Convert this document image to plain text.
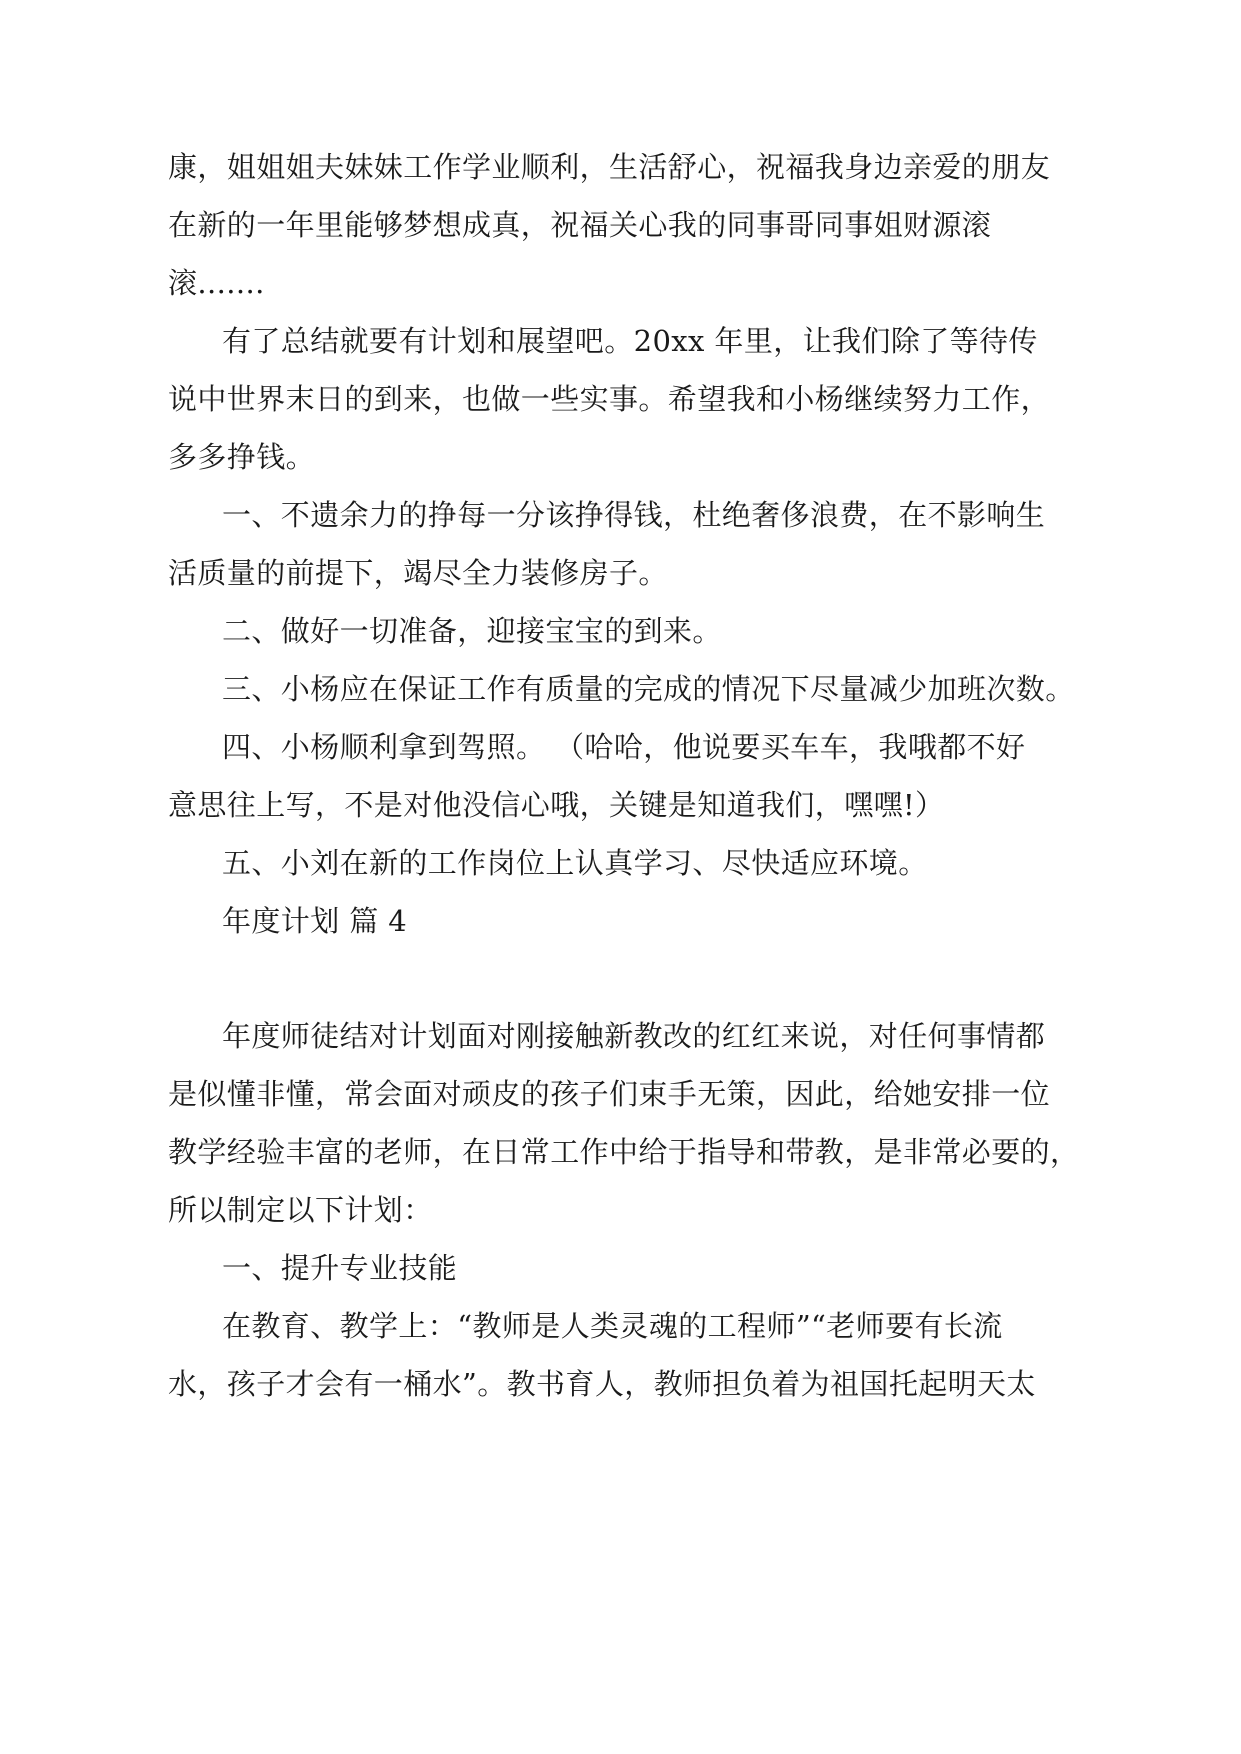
康，姐姐姐夫妹妹工作学业顺利，生活舒心，祝福我身边亲爱的朋友
在新的一年里能够梦想成真，祝福关心我的同事哥同事姐财源滚
滚.......
有了总结就要有计划和展望吧。20xx 年里，让我们除了等待传
说中世界末日的到来，也做一些实事。希望我和小杨继续努力工作，
多多挣钱。
一、不遗余力的挣每一分该挣得钱，杜绝奢侈浪费，在不影响生
活质量的前提下，竭尽全力装修房子。
二、做好一切准备，迎接宝宝的到来。
三、小杨应在保证工作有质量的完成的情况下尽量减少加班次数。
四、小杨顺利拿到驾照。 （哈哈，他说要买车车，我哦都不好
意思往上写，不是对他没信心哦，关键是知道我们，嘿嘿!）
五、小刘在新的工作岗位上认真学习、尽快适应环境。
年度计划 篇 4
年度师徒结对计划面对刚接触新教改的红红来说，对任何事情都
是似懂非懂，常会面对顽皮的孩子们束手无策，因此，给她安排一位
教学经验丰富的老师，在日常工作中给于指导和带教，是非常必要的，
所以制定以下计划：
一、提升专业技能
在教育、教学上：“教师是人类灵魂的工程师”“老师要有长流
水，孩子才会有一桶水”。教书育人，教师担负着为祖国托起明天太
